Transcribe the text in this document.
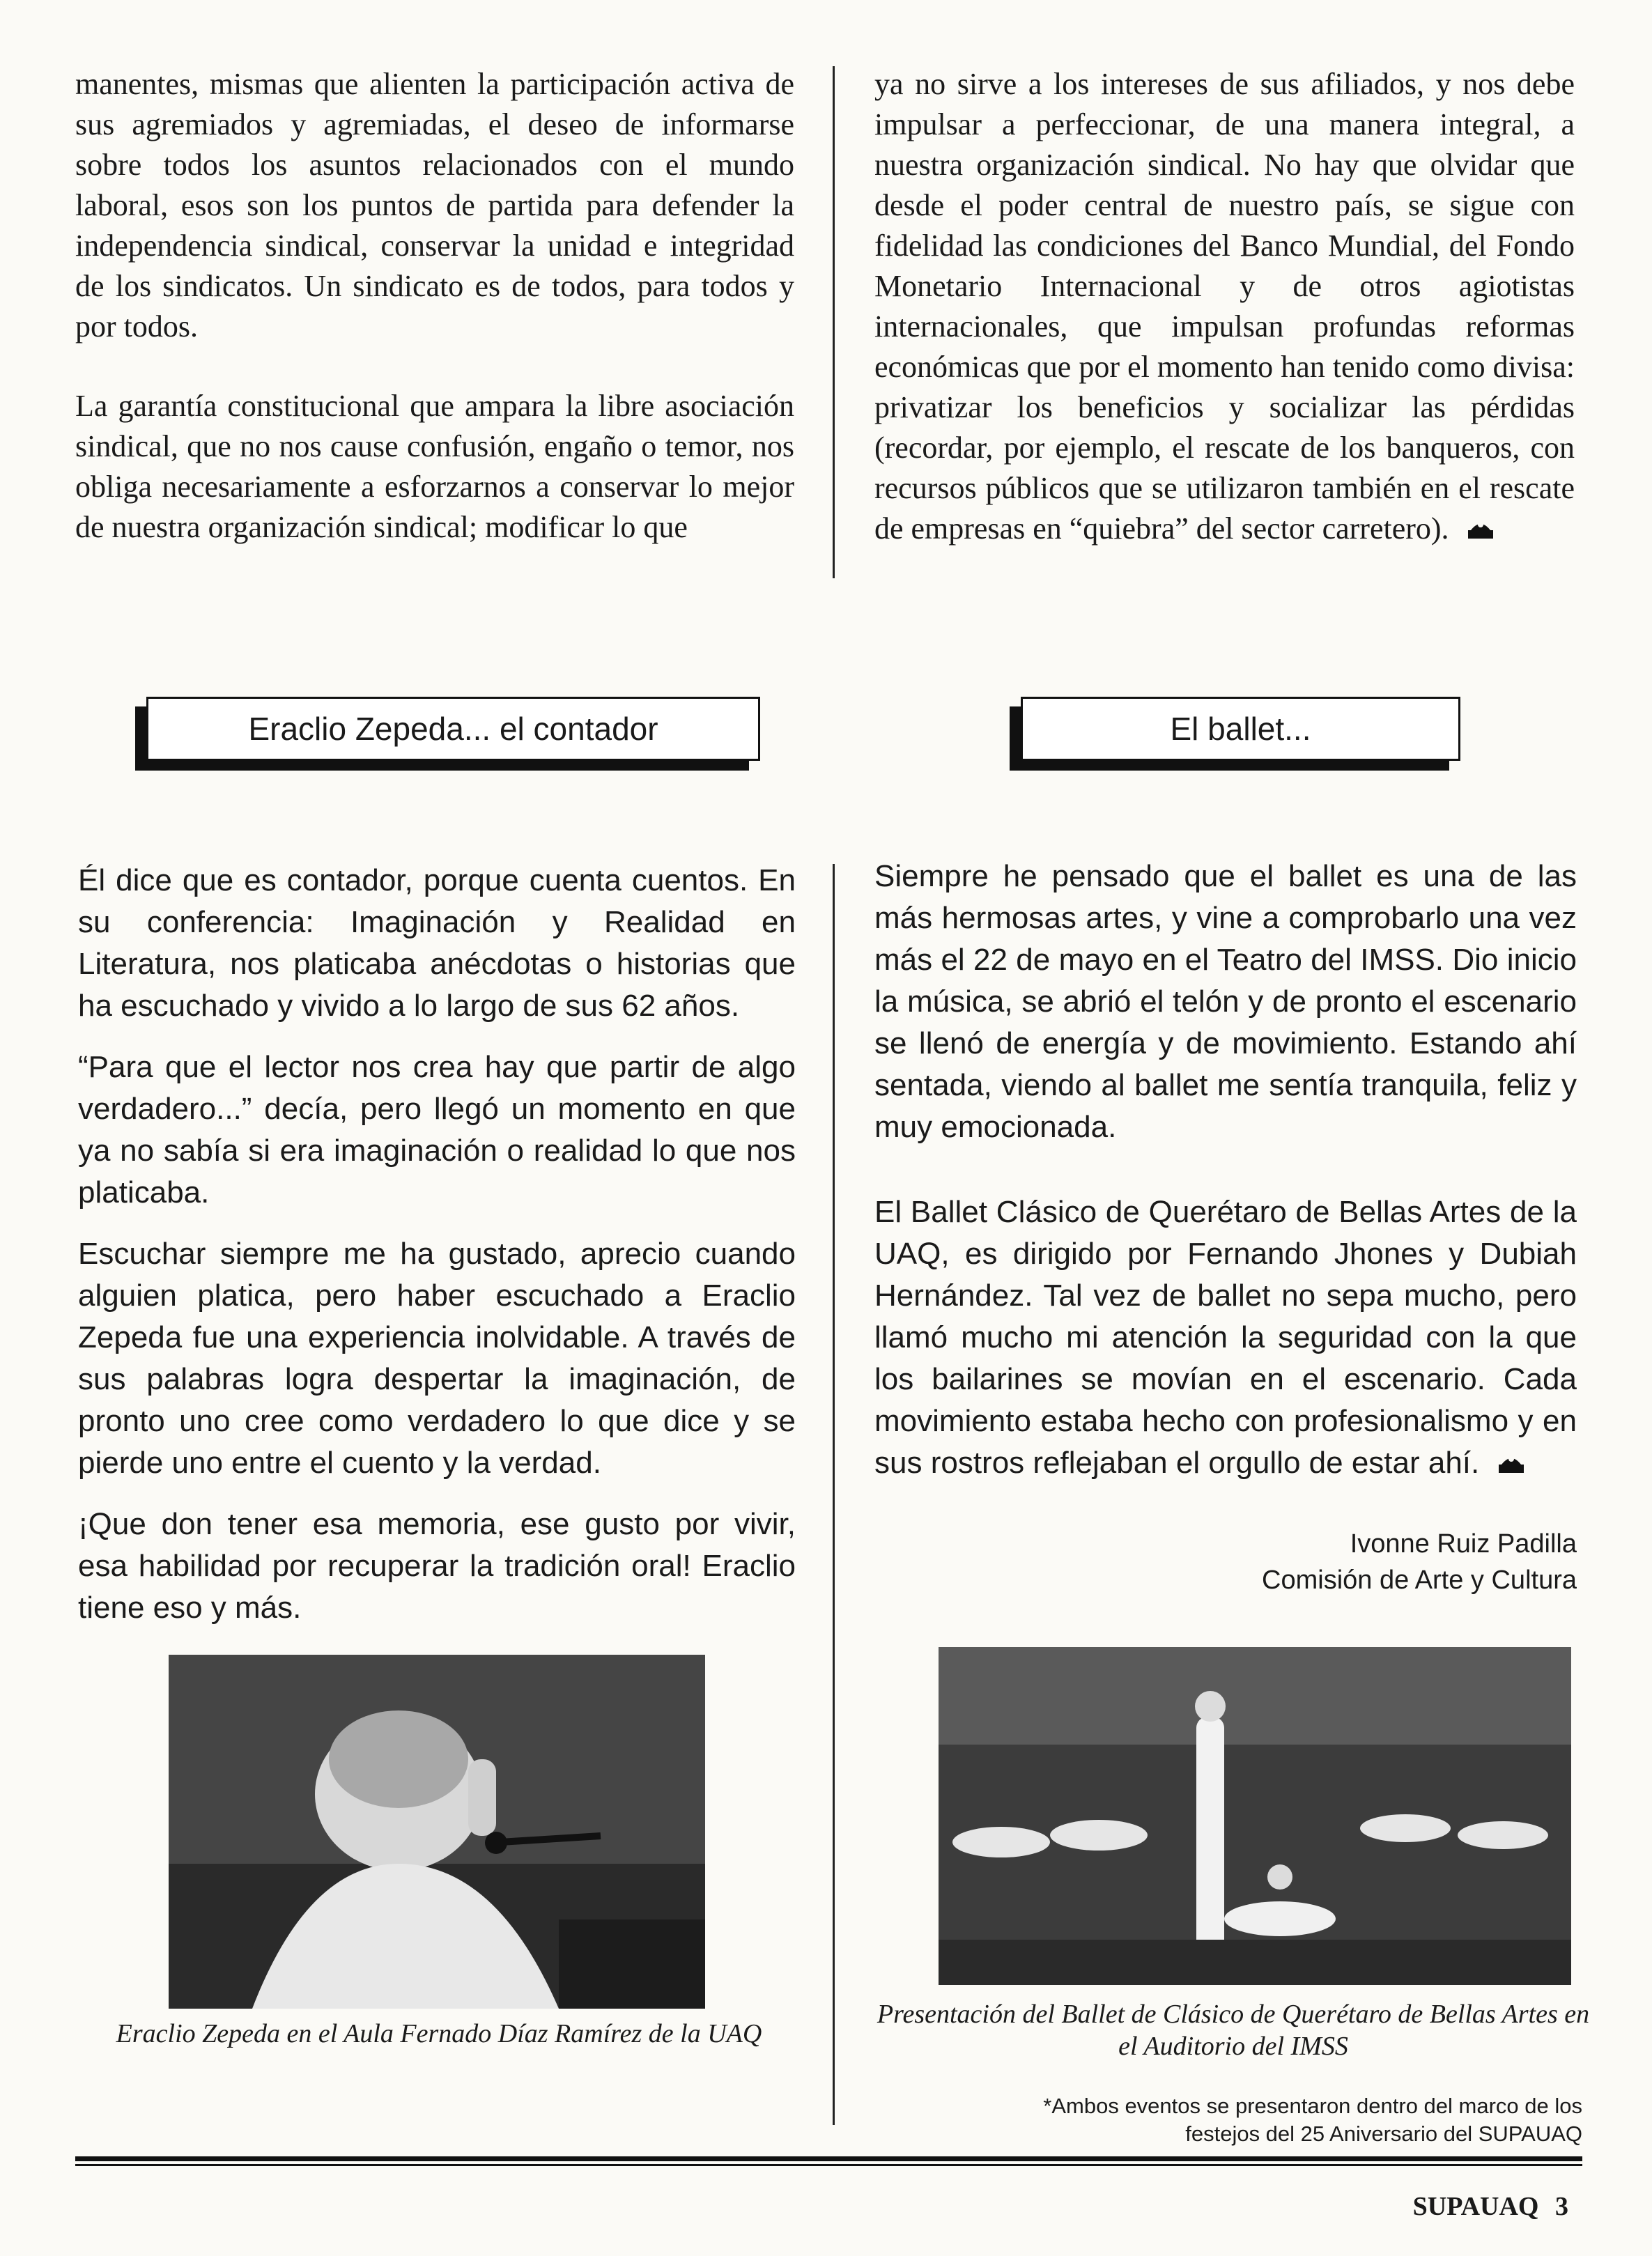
manentes, mismas que alienten la participación activa de sus agremiados y agremiadas, el deseo de informarse sobre todos los asuntos relacionados con el mundo laboral, esos son los puntos de partida para defender la independencia sindical, conservar la unidad e integridad de los sindicatos. Un sindicato es de todos, para todos y por todos.

La garantía constitucional que ampara la libre asociación sindical, que no nos cause confusión, engaño o temor, nos obliga necesariamente a esforzarnos a conservar lo mejor de nuestra organización sindical; modificar lo que

ya no sirve a los intereses de sus afiliados, y nos debe impulsar a perfeccionar, de una manera integral, a nuestra organización sindical. No hay que olvidar que desde el poder central de nuestro país, se sigue con fidelidad las condiciones del Banco Mundial, del Fondo Monetario Internacional y de otros agiotistas internacionales, que impulsan profundas reformas económicas que por el momento han tenido como divisa: privatizar los beneficios y socializar las pérdidas (recordar, por ejemplo, el rescate de los banqueros, con recursos públicos que se utilizaron también en el rescate de empresas en “quiebra” del sector carretero).

Eraclio Zepeda... el contador	El ballet...

Él dice que es contador, porque cuenta cuentos. En su conferencia: Imaginación y Realidad en Literatura, nos platicaba anécdotas o historias que ha escuchado y vivido a lo largo de sus 62 años.

“Para que el lector nos crea hay que partir de algo verdadero...” decía, pero llegó un momento en que ya no sabía si era imaginación o realidad lo que nos platicaba.

Escuchar siempre me ha gustado, aprecio cuando alguien platica, pero haber escuchado a Eraclio Zepeda fue una experiencia inolvidable. A través de sus palabras logra despertar la imaginación, de pronto uno cree como verdadero lo que dice y se pierde uno entre el cuento y la verdad.

¡Que don tener esa memoria, ese gusto por vivir, esa habilidad por recuperar la tradición oral! Eraclio tiene eso y más.

Siempre he pensado que el ballet es una de las más hermosas artes, y vine a comprobarlo una vez más el 22 de mayo en el Teatro del IMSS. Dio inicio la música, se abrió el telón y de pronto el escenario se llenó de energía y de movimiento. Estando ahí sentada, viendo al ballet me sentía tranquila, feliz y muy emocionada.

El Ballet Clásico de Querétaro de Bellas Artes de la UAQ, es dirigido por Fernando Jhones y Dubiah Hernández. Tal vez de ballet no sepa mucho, pero llamó mucho mi atención la seguridad con la que los bailarines se movían en el escenario. Cada movimiento estaba hecho con profesionalismo y en sus rostros reflejaban el orgullo de estar ahí.

Ivonne Ruiz Padilla
Comisión de Arte y Cultura
Eraclio Zepeda en el Aula Fernado Díaz Ramírez de la UAQ
Presentación del Ballet de Clásico de Querétaro de Bellas Artes en el Auditorio del IMSS
*Ambos eventos se presentaron dentro del marco de los
festejos del 25 Aniversario del SUPAUAQ
SUPAUAQ 3
